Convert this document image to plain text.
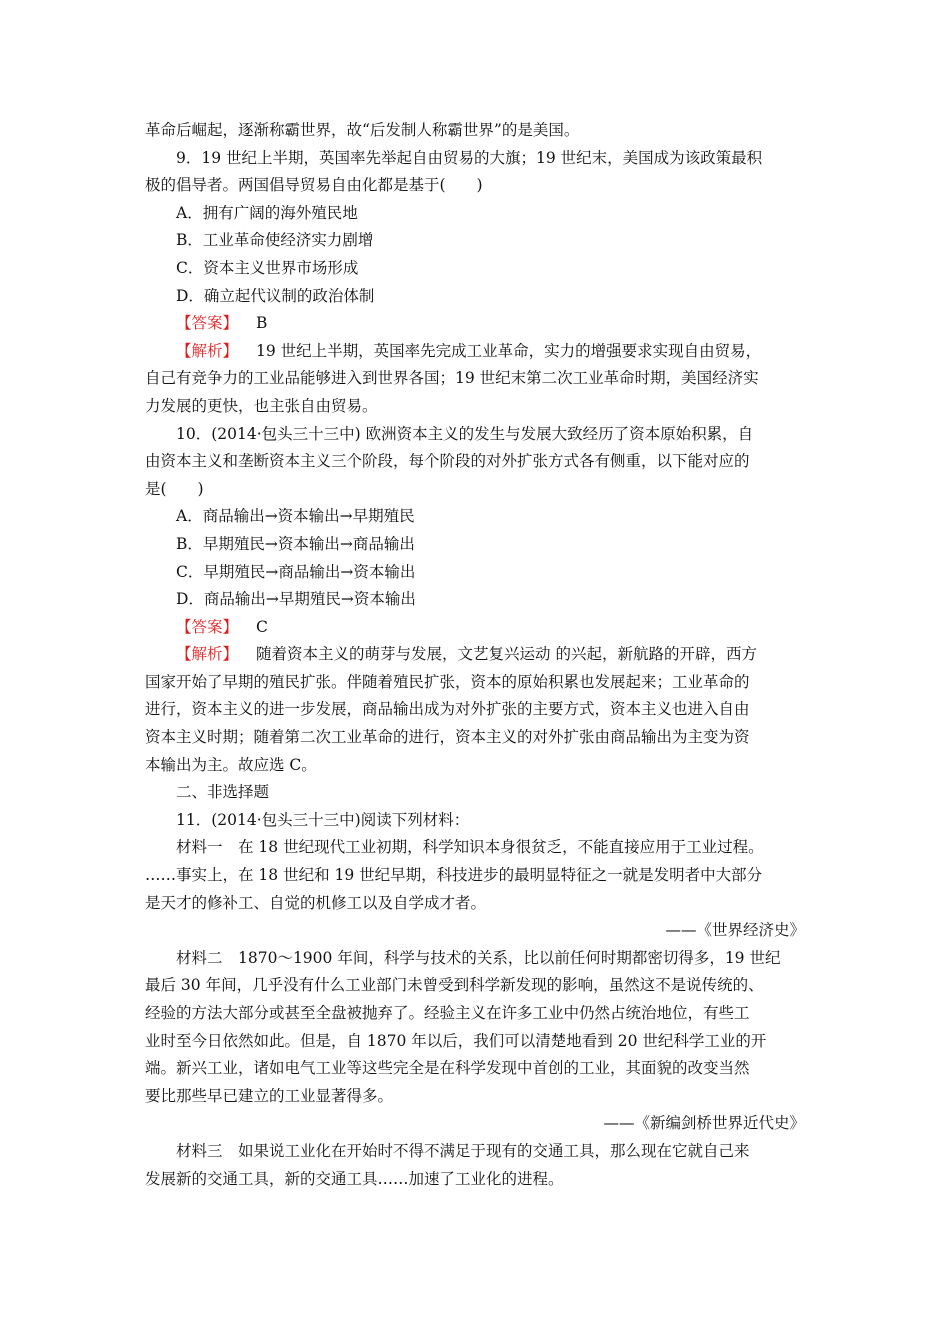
革命后崛起，逐渐称霸世界，故“后发制人称霸世界”的是美国。
9．19 世纪上半期，英国率先举起自由贸易的大旗；19 世纪末，美国成为该政策最积
极的倡导者。两国倡导贸易自由化都是基于(　　)
A．拥有广阔的海外殖民地
B．工业革命使经济实力剧增
C．资本主义世界市场形成
D．确立起代议制的政治体制
【答案】 B
【解析】 19 世纪上半期，英国率先完成工业革命，实力的增强要求实现自由贸易，
自己有竞争力的工业品能够进入到世界各国；19 世纪末第二次工业革命时期，美国经济实
力发展的更快，也主张自由贸易。
10．(2014·包头三十三中) 欧洲资本主义的发生与发展大致经历了资本原始积累，自
由资本主义和垄断资本主义三个阶段，每个阶段的对外扩张方式各有侧重，以下能对应的
是(　　)
A．商品输出→资本输出→早期殖民
B．早期殖民→资本输出→商品输出
C．早期殖民→商品输出→资本输出
D．商品输出→早期殖民→资本输出
【答案】 C
【解析】 随着资本主义的萌芽与发展，文艺复兴运动 的兴起，新航路的开辟，西方
国家开始了早期的殖民扩张。伴随着殖民扩张，资本的原始积累也发展起来；工业革命的
进行，资本主义的进一步发展，商品输出成为对外扩张的主要方式，资本主义也进入自由
资本主义时期；随着第二次工业革命的进行，资本主义的对外扩张由商品输出为主变为资
本输出为主。故应选 C。
二、非选择题
11．(2014·包头三十三中)阅读下列材料：
材料一　在 18 世纪现代工业初期，科学知识本身很贫乏，不能直接应用于工业过程。
……事实上，在 18 世纪和 19 世纪早期，科技进步的最明显特征之一就是发明者中大部分
是天才的修补工、自觉的机修工以及自学成才者。
——《世界经济史》
材料二　1870～1900 年间，科学与技术的关系，比以前任何时期都密切得多，19 世纪
最后 30 年间，几乎没有什么工业部门未曾受到科学新发现的影响，虽然这不是说传统的、
经验的方法大部分或甚至全盘被抛弃了。经验主义在许多工业中仍然占统治地位，有些工
业时至今日依然如此。但是，自 1870 年以后，我们可以清楚地看到 20 世纪科学工业的开
端。新兴工业，诸如电气工业等这些完全是在科学发现中首创的工业，其面貌的改变当然
要比那些早已建立的工业显著得多。
——《新编剑桥世界近代史》
材料三　如果说工业化在开始时不得不满足于现有的交通工具，那么现在它就自己来
发展新的交通工具，新的交通工具……加速了工业化的进程。
